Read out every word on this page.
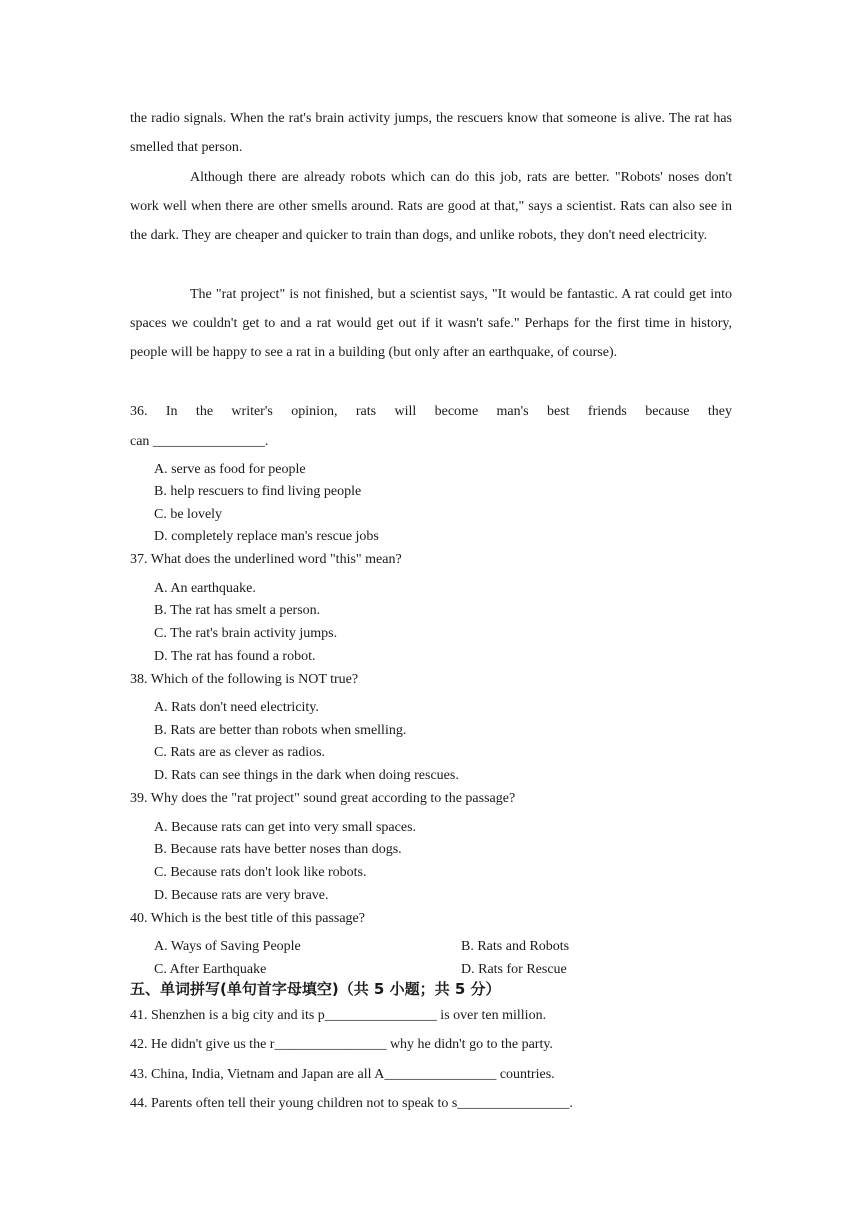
the radio signals. When the rat's brain activity jumps, the rescuers know that someone is alive. The rat has smelled that person.

Although there are already robots which can do this job, rats are better. "Robots' noses don't work well when there are other smells around. Rats are good at that," says a scientist. Rats can also see in the dark. They are cheaper and quicker to train than dogs, and unlike robots, they don't need electricity.

The "rat project" is not finished, but a scientist says, "It would be fantastic. A rat could get into spaces we couldn't get to and a rat would get out if it wasn't safe." Perhaps for the first time in history, people will be happy to see a rat in a building (but only after an earthquake, of course).

36. In the writer's opinion, rats will become man's best friends because they

can ________________.

A. serve as food for people

B. help rescuers to find living people

C. be lovely

D. completely replace man's rescue jobs

37. What does the underlined word "this" mean?

A. An earthquake.

B. The rat has smelt a person.

C. The rat's brain activity jumps.

D. The rat has found a robot.

38. Which of the following is NOT true?

A. Rats don't need electricity.

B. Rats are better than robots when smelling.

C. Rats are as clever as radios.

D. Rats can see things in the dark when doing rescues.

39. Why does the "rat project" sound great according to the passage?

A. Because rats can get into very small spaces.

B. Because rats have better noses than dogs.

C. Because rats don't look like robots.

D. Because rats are very brave.

40. Which is the best title of this passage?

A. Ways of Saving People	B. Rats and Robots

C. After Earthquake	D. Rats for Rescue

五、单词拼写(单句首字母填空)（共 5 小题；共 5 分）

41. Shenzhen is a big city and its p________________ is over ten million.

42. He didn't give us the r________________ why he didn't go to the party.

43. China, India, Vietnam and Japan are all A________________ countries.

44. Parents often tell their young children not to speak to s________________.
